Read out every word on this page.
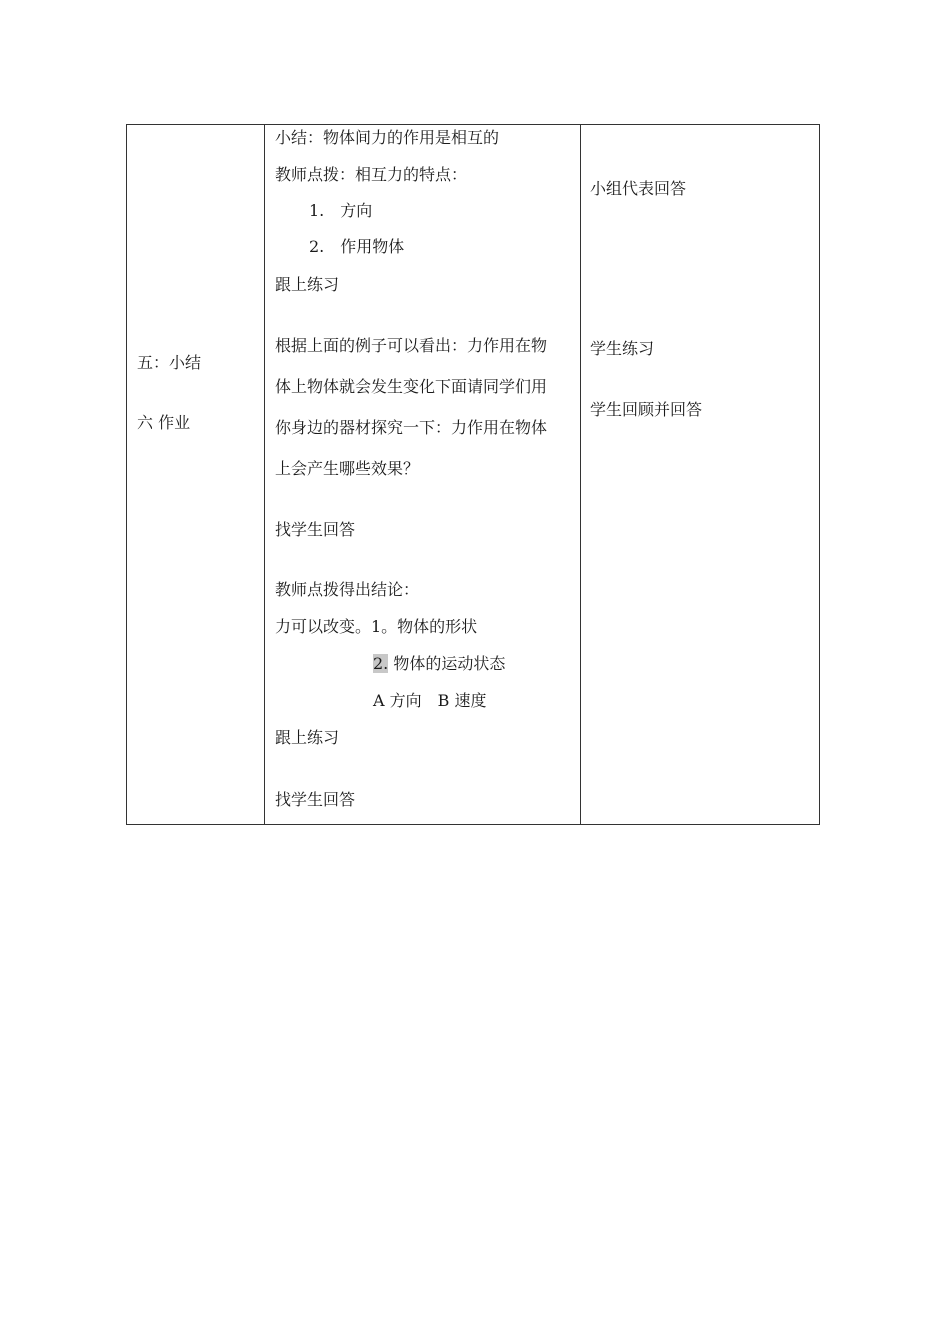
五：小结
六 作业
小结：物体间力的作用是相互的
教师点拨：相互力的特点：
1.　方向
2.　作用物体
跟上练习
根据上面的例子可以看出：力作用在物
体上物体就会发生变化下面请同学们用
你身边的器材探究一下：力作用在物体
上会产生哪些效果？
找学生回答
教师点拨得出结论：
力可以改变。1。物体的形状
2. 物体的运动状态
A 方向　B 速度
跟上练习
找学生回答
小组代表回答
学生练习
学生回顾并回答
